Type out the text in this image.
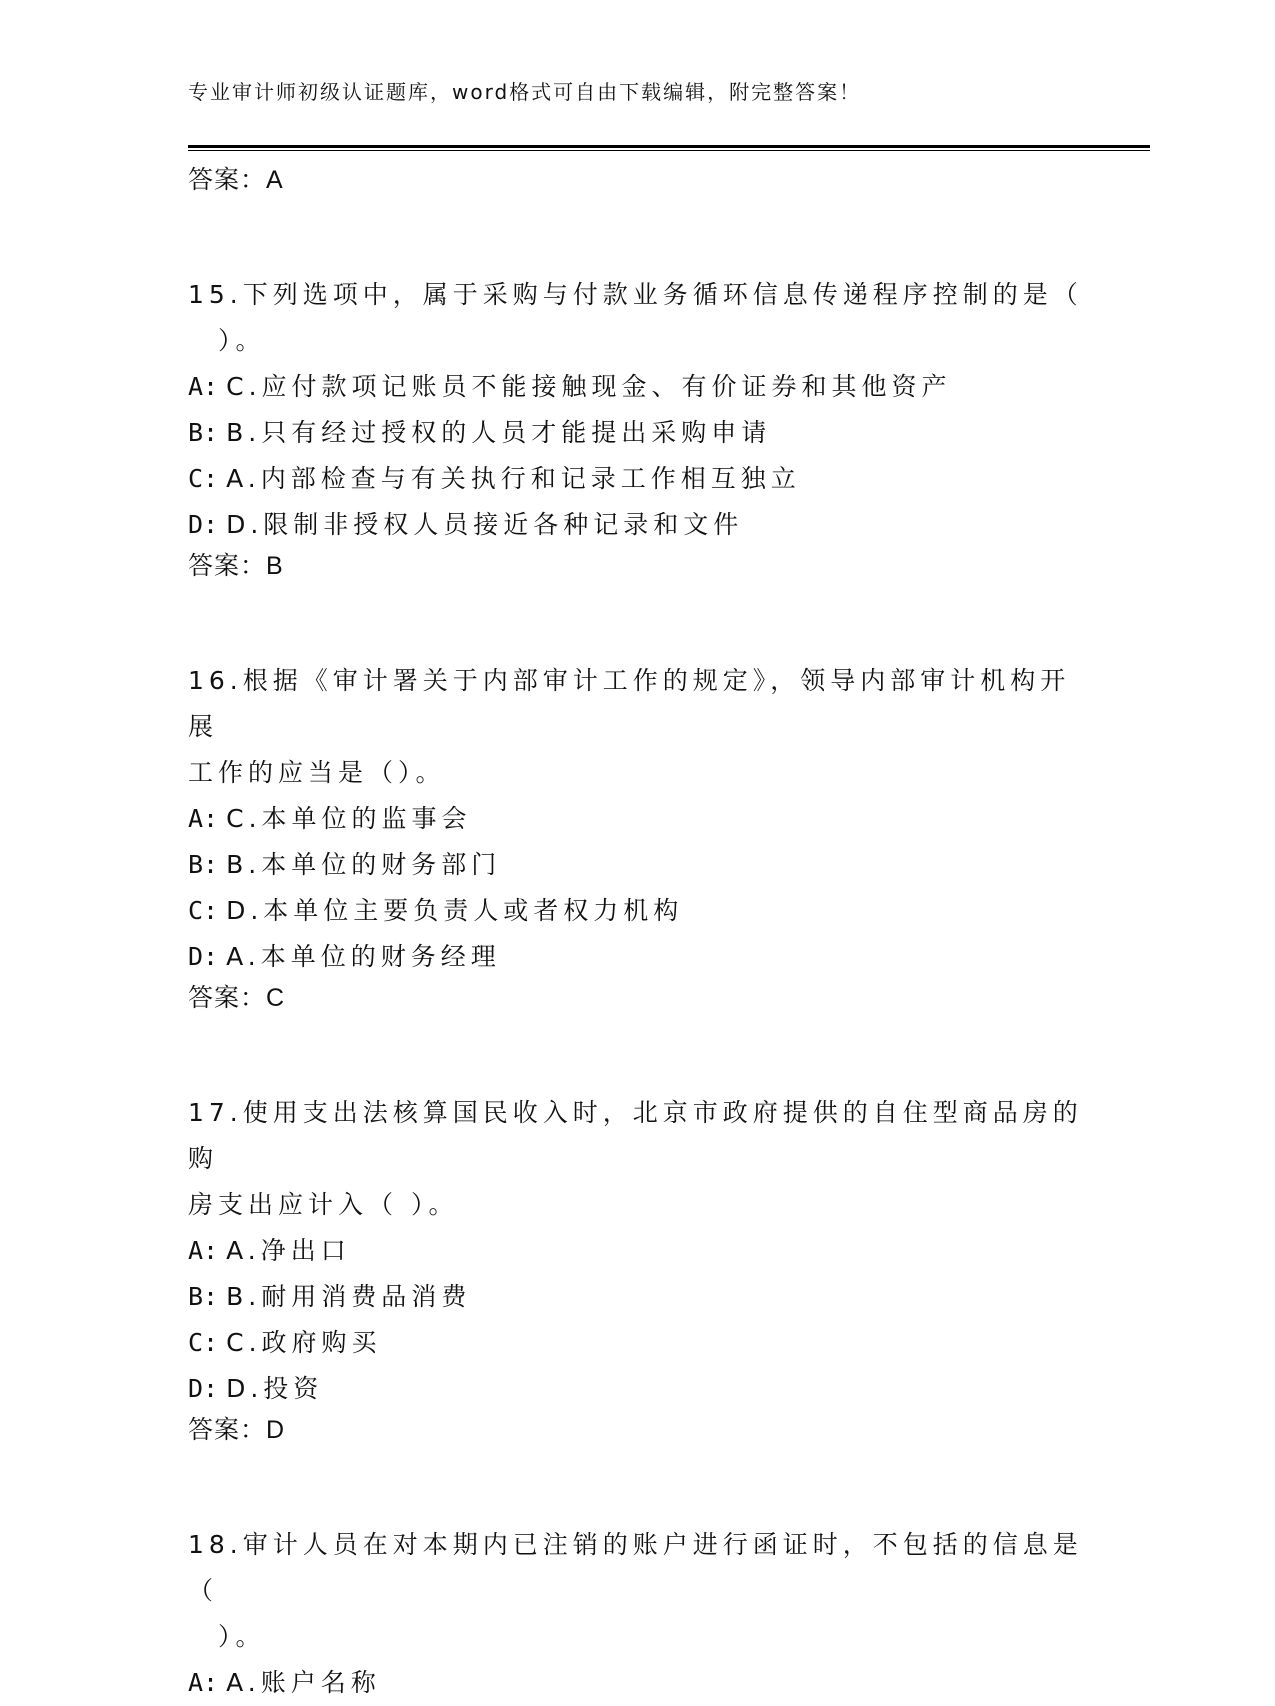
专业审计师初级认证题库，word格式可自由下载编辑，附完整答案！
答案：A
15.下列选项中，属于采购与付款业务循环信息传递程序控制的是（
）。
A: C.应付款项记账员不能接触现金、有价证券和其他资产
B: B.只有经过授权的人员才能提出采购申请
C: A.内部检查与有关执行和记录工作相互独立
D: D.限制非授权人员接近各种记录和文件
答案：B
16.根据《审计署关于内部审计工作的规定》，领导内部审计机构开展
工作的应当是（）。
A: C.本单位的监事会
B: B.本单位的财务部门
C: D.本单位主要负责人或者权力机构
D: A.本单位的财务经理
答案：C
17.使用支出法核算国民收入时，北京市政府提供的自住型商品房的购
房支出应计入（ ）。
A: A.净出口
B: B.耐用消费品消费
C: C.政府购买
D: D.投资
答案：D
18.审计人员在对本期内已注销的账户进行函证时，不包括的信息是（
）。
A: A.账户名称
